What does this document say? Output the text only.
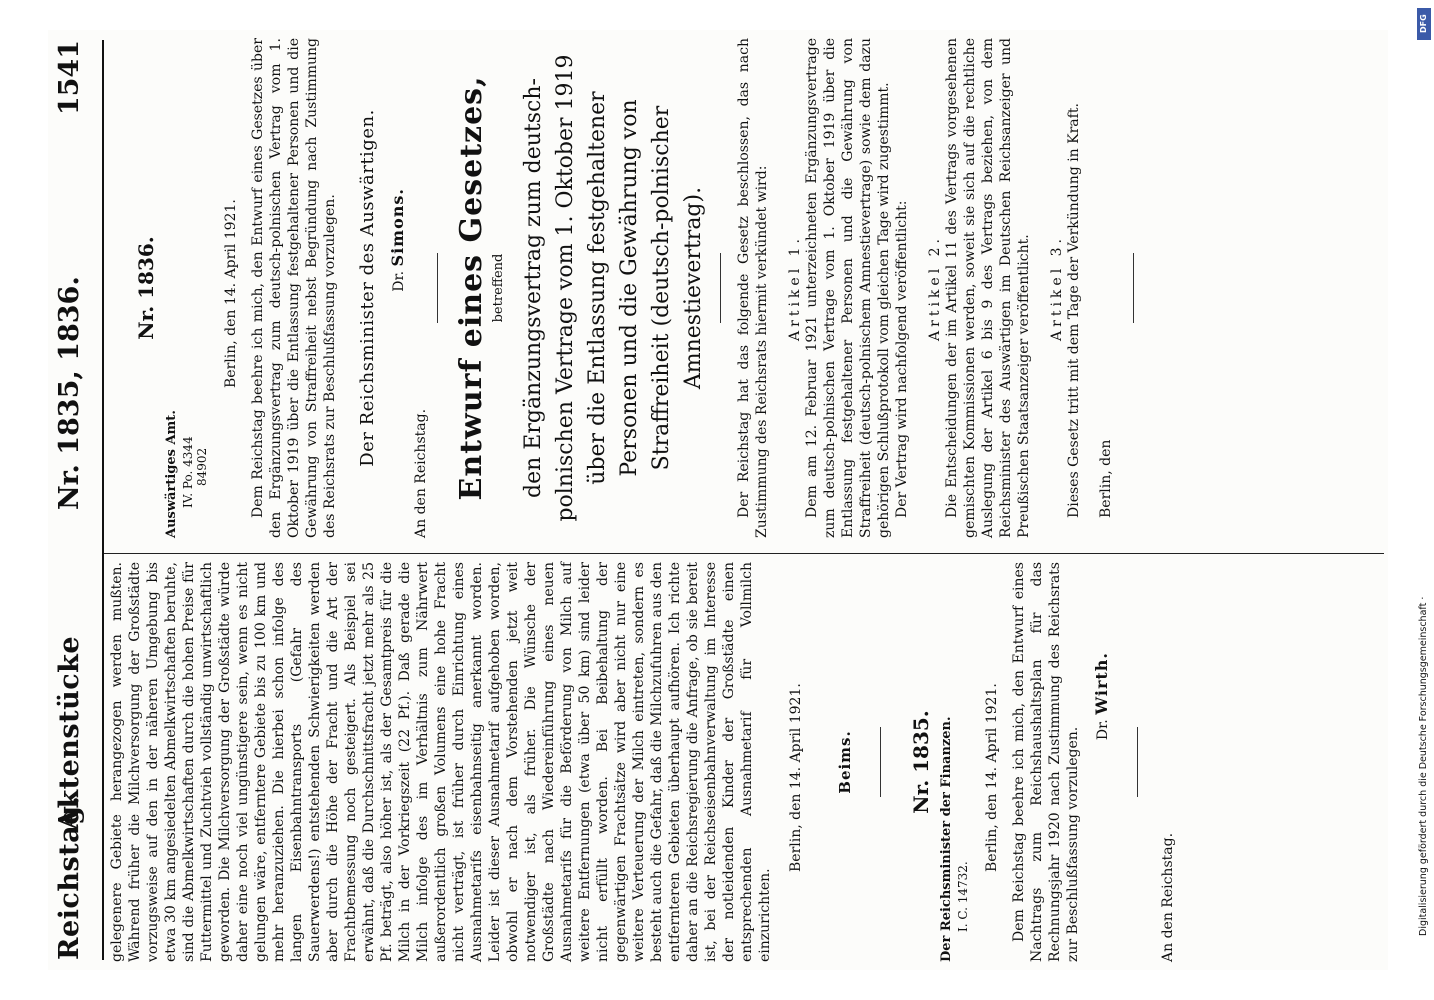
Reichstag.
Aktenstücke
Nr. 1835, 1836.
1541

gelegenere Gebiete herangezogen werden mußten. Während früher die Milchversorgung der Großstädte vorzugsweise auf den in der näheren Umgebung bis etwa 30 km angesiedelten Abmelkwirtschaften beruhte, sind die Abmelkwirtschaften durch die hohen Preise für Futtermittel und Zuchtvieh vollständig unwirtschaftlich geworden. Die Milchversorgung der Großstädte würde daher eine noch viel ungünstigere sein, wenn es nicht gelungen wäre, entferntere Gebiete bis zu 100 km und mehr heranzuziehen. Die hierbei schon infolge des langen Eisenbahntransports (Gefahr des Sauerwerdens!) entstehenden Schwierigkeiten werden aber durch die Höhe der Fracht und die Art der Frachtbemessung noch gesteigert. Als Beispiel sei erwähnt, daß die Durchschnittsfracht jetzt mehr als 25 Pf. beträgt, also höher ist, als der Gesamtpreis für die Milch in der Vorkriegszeit (22 Pf.). Daß gerade die Milch infolge des im Verhältnis zum Nährwert außerordentlich großen Volumens eine hohe Fracht nicht verträgt, ist früher durch Einrichtung eines Ausnahmetarifs eisenbahnseitig anerkannt worden. Leider ist dieser Ausnahmetarif aufgehoben worden, obwohl er nach dem Vorstehenden jetzt weit notwendiger ist, als früher. Die Wünsche der Großstädte nach Wiedereinführung eines neuen Ausnahmetarifs für die Beförderung von Milch auf weitere Entfernungen (etwa über 50 km) sind leider nicht erfüllt worden. Bei Beibehaltung der gegenwärtigen Frachtsätze wird aber nicht nur eine weitere Verteuerung der Milch eintreten, sondern es besteht auch die Gefahr, daß die Milchzufuhren aus den entfernteren Gebieten überhaupt aufhören. Ich richte daher an die Reichsregierung die Anfrage, ob sie bereit ist, bei der Reichseisenbahnverwaltung im Interesse der notleidenden Kinder der Großstädte einen entsprechenden Ausnahmetarif für Vollmilch einzurichten.

Berlin, den 14. April 1921. Beims.	Nr. 1835. Der Reichsminister der Finanzen. I. C. 14732.

Berlin, den 14. April 1921. Dem Reichstag beehre ich mich, den Entwurf eines Nachtrags zum Reichshaushaltsplan für das Rechnungsjahr 1920 nach Zustimmung des Reichsrats zur Beschlußfassung vorzulegen. Dr. Wirth.

An den Reichstag.

Nr. 1836.

Auswärtiges Amt. IV. Po. 4344 84902

Berlin, den 14. April 1921. Dem Reichstag beehre ich mich, den Entwurf eines Gesetzes über den Ergänzungsvertrag zum deutsch-polnischen Vertrag vom 1. Oktober 1919 über die Entlassung festgehaltener Personen und die Gewährung von Straffreiheit nebst Begründung nach Zustimmung des Reichsrats zur Beschlußfassung vorzulegen. Der Reichsminister des Auswärtigen. Dr. Simons.

An den Reichstag. Entwurf eines Gesetzes, betreffend den Ergänzungsvertrag zum deutsch-polnischen Vertrage vom 1. Oktober 1919 über die Entlassung festgehaltener Personen und die Gewährung von Straffreiheit (deutsch-polnischer Amnestievertrag). Der Reichstag hat das folgende Gesetz beschlossen, das nach Zustimmung des Reichsrats hiermit verkündet wird: Artikel 1. Dem am 12. Februar 1921 unterzeichneten Ergänzungsvertrage zum deutsch-polnischen Vertrage vom 1. Oktober 1919 über die Entlassung festgehaltener Personen und die Gewährung von Straffreiheit (deutsch-polnischem Amnestievertrage) sowie dem dazu gehörigen Schlußprotokoll vom gleichen Tage wird zugestimmt. Der Vertrag wird nachfolgend veröffentlicht: Artikel 2. Die Entscheidungen der im Artikel 11 des Vertrags vorgesehenen gemischten Kommissionen werden, soweit sie sich auf die rechtliche Auslegung der Artikel 6 bis 9 des Vertrags beziehen, von dem Reichsminister des Auswärtigen im Deutschen Reichsanzeiger und Preußischen Staatsanzeiger veröffentlicht. Artikel 3. Dieses Gesetz tritt mit dem Tage der Verkündung in Kraft. Berlin, den

DFG
Digitalisierung gefördert durch die Deutsche Forschungsgemeinschaft ·
